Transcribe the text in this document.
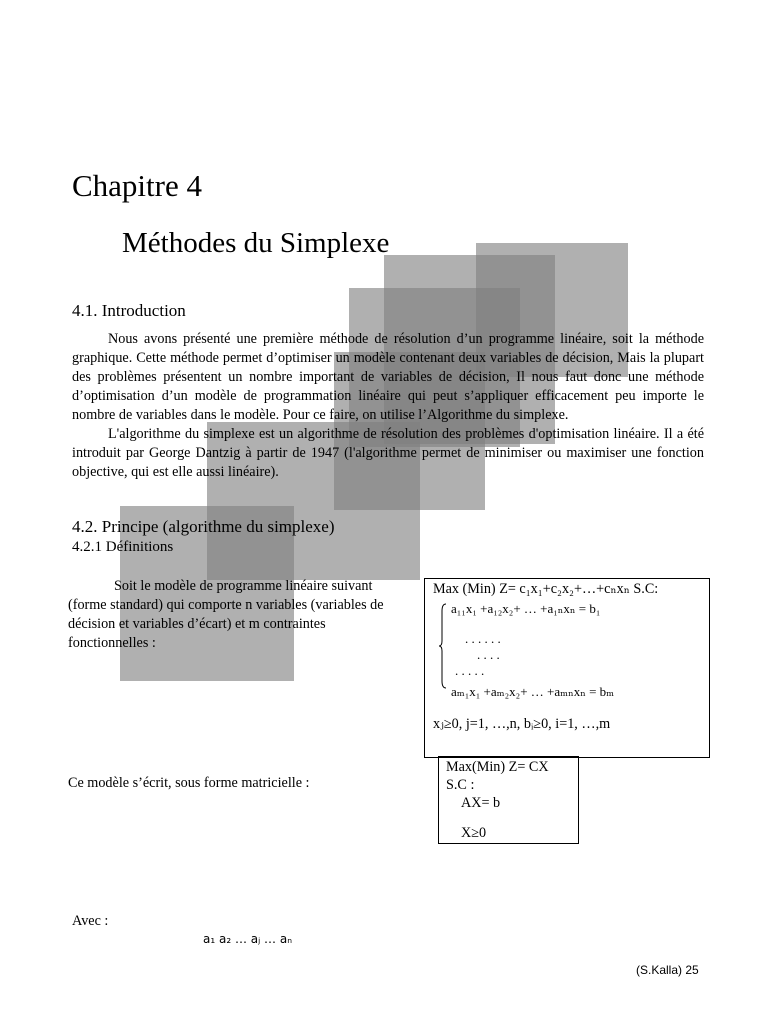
Chapitre 4
Méthodes du Simplexe
4.1. Introduction

Nous avons présenté une première méthode de résolution d’un programme linéaire, soit la méthode graphique. Cette méthode permet d’optimiser un modèle contenant deux variables de décision, Mais la plupart des problèmes présentent un nombre important de variables de décision, Il nous faut donc une méthode d’optimisation d’un modèle de programmation linéaire qui peut s’appliquer efficacement peu importe le nombre de variables dans le modèle. Pour ce faire, on utilise l’Algorithme du simplexe.

L'algorithme du simplexe est un algorithme de résolution des problèmes d'optimisation linéaire. Il a été introduit par George Dantzig à partir de 1947 (l'algorithme permet de minimiser ou maximiser une fonction objective, qui est elle aussi linéaire).

4.2. Principe (algorithme du simplexe)
4.2.1 Définitions
Soit le modèle de programme linéaire suivant
(forme standard) qui comporte n variables (variables de
décision et variables d’écart) et m contraintes
fonctionnelles :
Max (Min) Z= c₁x₁+c₂x₂+…+cₙxₙ S.C:
a₁₁x₁ +a₁₂x₂+ … +a₁ₙxₙ = b₁
. . . . . .
. . . .
. . . . .
aₘ₁x₁ +aₘ₂x₂+ … +aₘₙxₙ = bₘ
xⱼ≥0, j=1, …,n, bᵢ≥0, i=1, …,m
Ce modèle s’écrit, sous forme matricielle :
Max(Min) Z= CX
S.C :
AX= b
X≥0
Avec :
a₁ a₂ … aⱼ … aₙ
(S.Kalla) 25
